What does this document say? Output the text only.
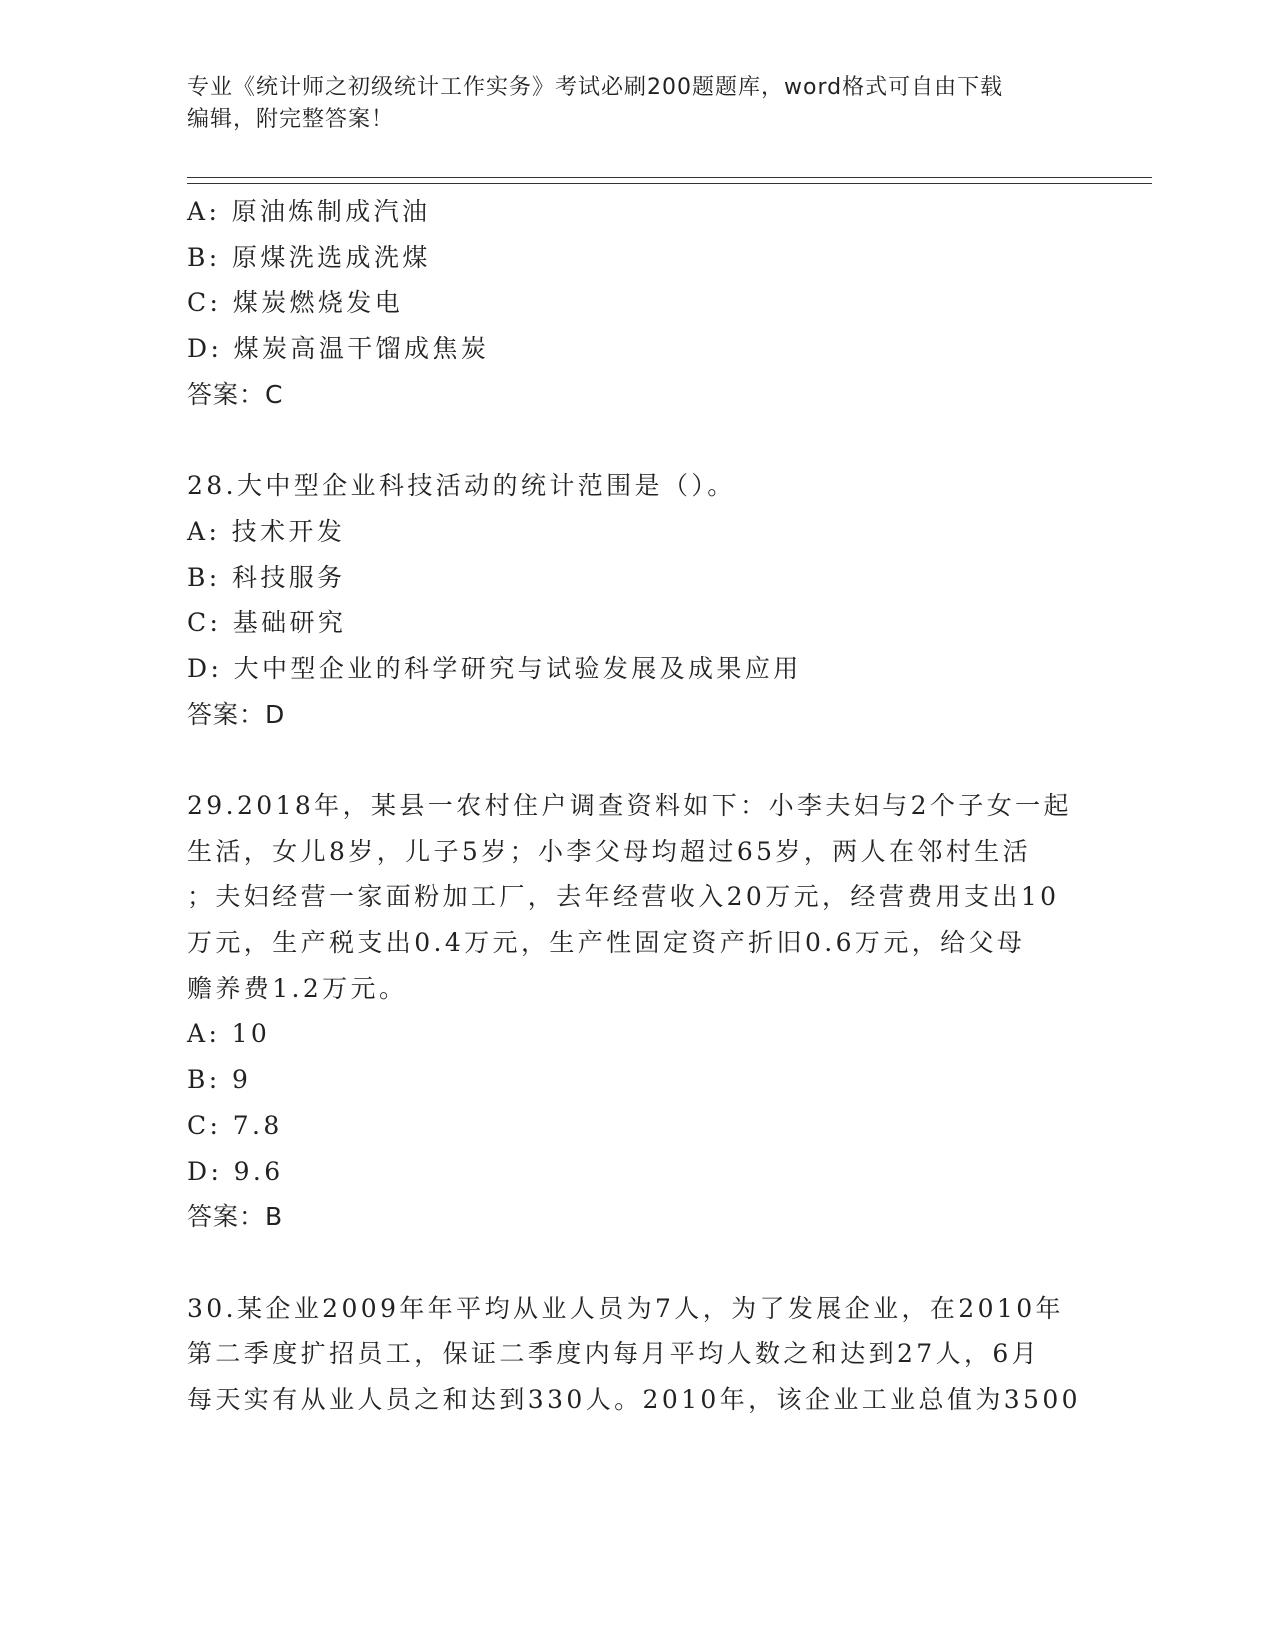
专业《统计师之初级统计工作实务》考试必刷200题题库，word格式可自由下载
编辑，附完整答案！
A: 原油炼制成汽油
B: 原煤洗选成洗煤
C: 煤炭燃烧发电
D: 煤炭高温干馏成焦炭
答案：C
28.大中型企业科技活动的统计范围是（）。
A: 技术开发
B: 科技服务
C: 基础研究
D: 大中型企业的科学研究与试验发展及成果应用
答案：D
29.2018年，某县一农村住户调查资料如下：小李夫妇与2个子女一起
生活，女儿8岁，儿子5岁；小李父母均超过65岁，两人在邻村生活
；夫妇经营一家面粉加工厂，去年经营收入20万元，经营费用支出10
万元，生产税支出0.4万元，生产性固定资产折旧0.6万元，给父母
赡养费1.2万元。
A: 10
B: 9
C: 7.8
D: 9.6
答案：B
30.某企业2009年年平均从业人员为7人，为了发展企业，在2010年
第二季度扩招员工，保证二季度内每月平均人数之和达到27人，6月
每天实有从业人员之和达到330人。2010年，该企业工业总值为3500
